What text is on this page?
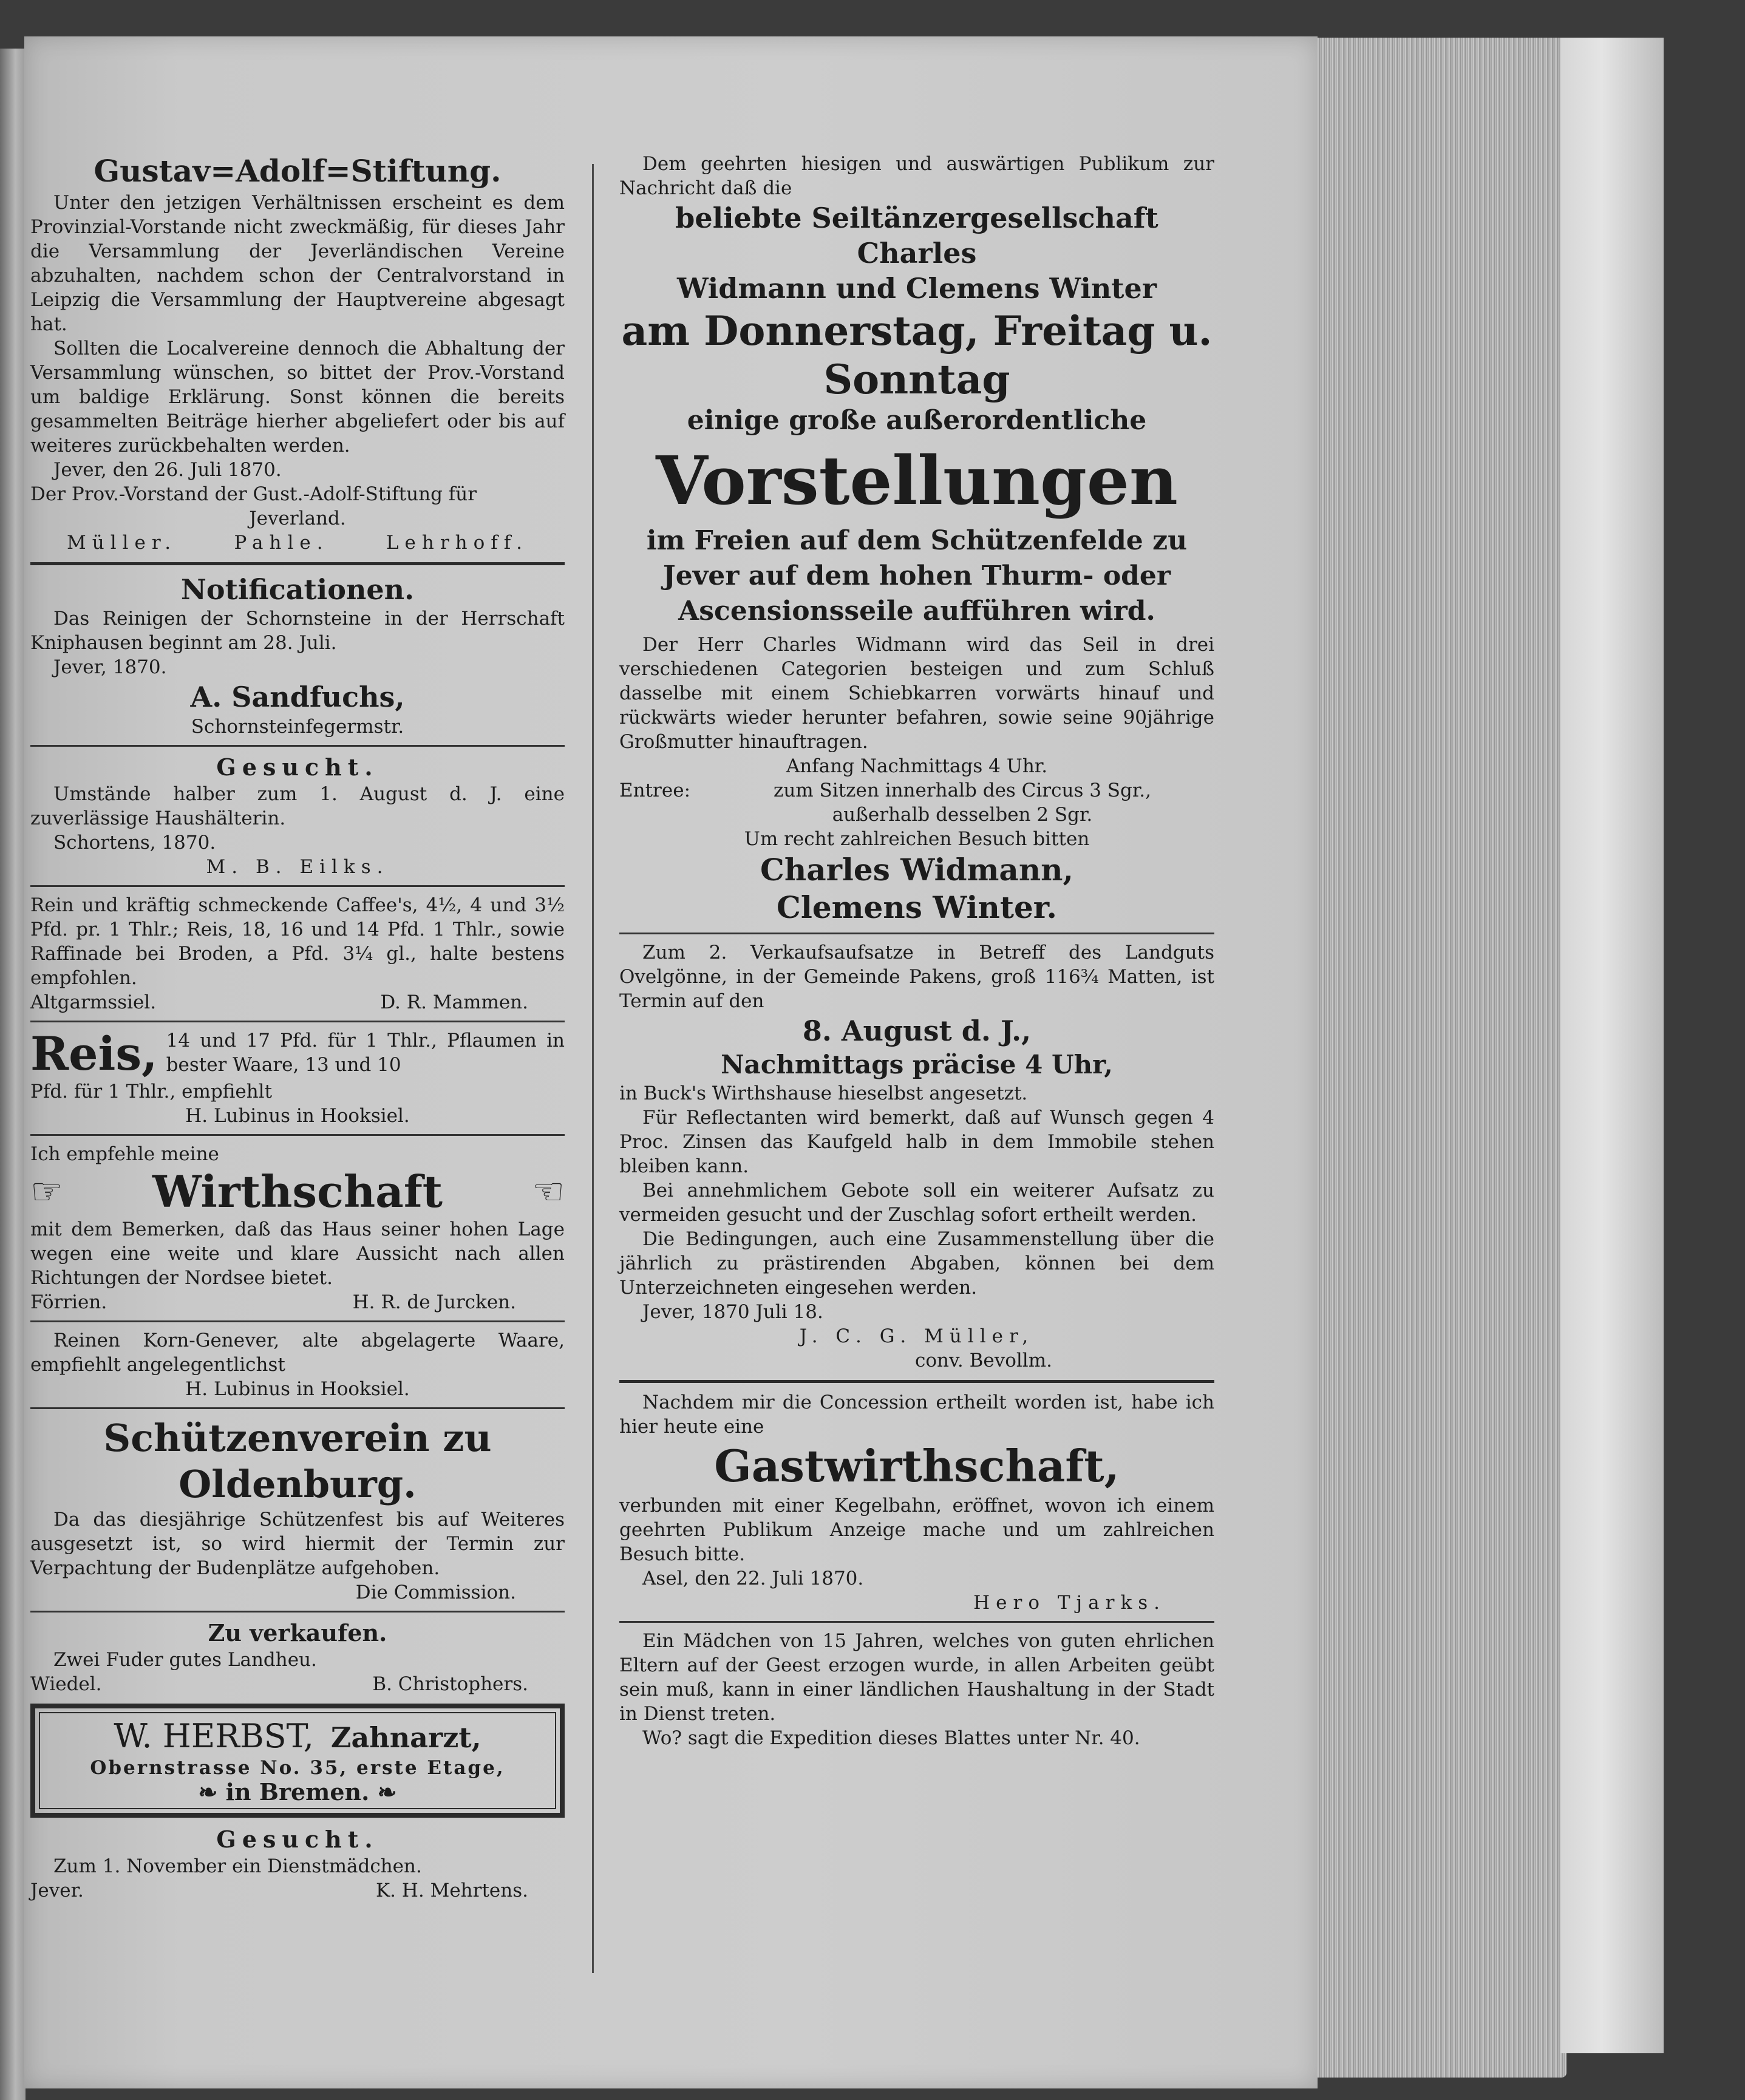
Gustav=Adolf=Stiftung.

Unter den jetzigen Verhältnissen erscheint es dem Provinzial-Vorstande nicht zweckmäßig, für dieses Jahr die Versammlung der Jeverländischen Vereine abzuhalten, nachdem schon der Centralvorstand in Leipzig die Versammlung der Hauptvereine abgesagt hat.

Sollten die Localvereine dennoch die Abhaltung der Versammlung wünschen, so bittet der Prov.-Vorstand um baldige Erklärung. Sonst können die bereits gesammelten Beiträge hierher abgeliefert oder bis auf weiteres zurückbehalten werden.

Jever, den 26. Juli 1870.

Der Prov.-Vorstand der Gust.-Adolf-Stiftung für

Jeverland.

Müller.	Pahle.	Lehrhoff.

Notificationen.

Das Reinigen der Schornsteine in der Herrschaft Kniphausen beginnt am 28. Juli.

Jever, 1870.

A. Sandfuchs,

Schornsteinfegermstr.

Gesucht.

Umstände halber zum 1. August d. J. eine zuverlässige Haushälterin.

Schortens, 1870.

M. B. Eilks.

Rein und kräftig schmeckende Caffee's, 4½, 4 und 3½ Pfd. pr. 1 Thlr.; Reis, 18, 16 und 14 Pfd. 1 Thlr., sowie Raffinade bei Broden, a Pfd. 3¼ gl., halte bestens empfohlen.

Altgarmssiel.	D. R. Mammen.
Reis, 14 und 17 Pfd. für 1 Thlr., Pflaumen in bester Waare, 13 und 10

Pfd. für 1 Thlr., empfiehlt

H. Lubinus in Hooksiel.

Ich empfehle meine

☞ Wirthschaft ☜

mit dem Bemerken, daß das Haus seiner hohen Lage wegen eine weite und klare Aussicht nach allen Richtungen der Nordsee bietet.

Förrien.	H. R. de Jurcken.

Reinen Korn-Genever, alte abgelagerte Waare, empfiehlt angelegentlichst

H. Lubinus in Hooksiel.

Schützenverein zu Oldenburg.

Da das diesjährige Schützenfest bis auf Weiteres ausgesetzt ist, so wird hiermit der Termin zur Verpachtung der Budenplätze aufgehoben.

Die Commission.

Zu verkaufen.

Zwei Fuder gutes Landheu.

Wiedel.	B. Christophers.
W. HERBST, Zahnarzt,

Obernstrasse No. 35, erste Etage,

❧ in Bremen. ❧

Gesucht.

Zum 1. November ein Dienstmädchen.

Jever.	K. H. Mehrtens.

Dem geehrten hiesigen und auswärtigen Publikum zur Nachricht daß die

beliebte Seiltänzergesellschaft Charles

Widmann und Clemens Winter

am Donnerstag, Freitag u.

Sonntag

einige große außerordentliche

Vorstellungen

im Freien auf dem Schützenfelde zu Jever auf dem hohen Thurm- oder Ascensionsseile aufführen wird.

Der Herr Charles Widmann wird das Seil in drei verschiedenen Categorien besteigen und zum Schluß dasselbe mit einem Schiebkarren vorwärts hinauf und rückwärts wieder herunter befahren, sowie seine 90jährige Großmutter hinauftragen.

Anfang Nachmittags 4 Uhr.

Entree:	zum Sitzen innerhalb des Circus 3 Sgr.,

außerhalb desselben 2 Sgr.

Um recht zahlreichen Besuch bitten

Charles Widmann,

Clemens Winter.

Zum 2. Verkaufsaufsatze in Betreff des Landguts Ovelgönne, in der Gemeinde Pakens, groß 116¾ Matten, ist Termin auf den

8. August d. J.,

Nachmittags präcise 4 Uhr,

in Buck's Wirthshause hieselbst angesetzt.

Für Reflectanten wird bemerkt, daß auf Wunsch gegen 4 Proc. Zinsen das Kaufgeld halb in dem Immobile stehen bleiben kann.

Bei annehmlichem Gebote soll ein weiterer Aufsatz zu vermeiden gesucht und der Zuschlag sofort ertheilt werden.

Die Bedingungen, auch eine Zusammenstellung über die jährlich zu prästirenden Abgaben, können bei dem Unterzeichneten eingesehen werden.

Jever, 1870 Juli 18.

J. C. G. Müller,

conv. Bevollm.

Nachdem mir die Concession ertheilt worden ist, habe ich hier heute eine

Gastwirthschaft,

verbunden mit einer Kegelbahn, eröffnet, wovon ich einem geehrten Publikum Anzeige mache und um zahlreichen Besuch bitte.

Asel, den 22. Juli 1870.

Hero Tjarks.

Ein Mädchen von 15 Jahren, welches von guten ehrlichen Eltern auf der Geest erzogen wurde, in allen Arbeiten geübt sein muß, kann in einer ländlichen Haushaltung in der Stadt in Dienst treten.

Wo? sagt die Expedition dieses Blattes unter Nr. 40.
